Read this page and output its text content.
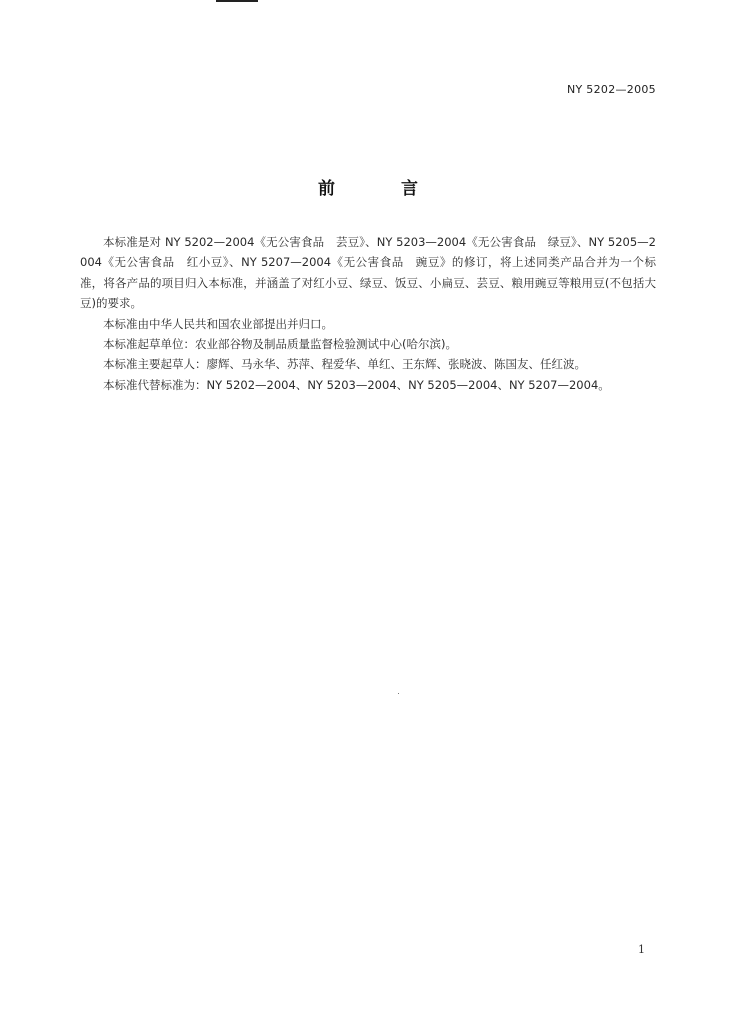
NY 5202—2005
前 言

本标准是对 NY 5202—2004《无公害食品　芸豆》、NY 5203—2004《无公害食品　绿豆》、NY 5205—2004《无公害食品　红小豆》、NY 5207—2004《无公害食品　豌豆》的修订，将上述同类产品合并为一个标准，将各产品的项目归入本标准，并涵盖了对红小豆、绿豆、饭豆、小扁豆、芸豆、粮用豌豆等粮用豆(不包括大豆)的要求。

本标准由中华人民共和国农业部提出并归口。

本标准起草单位：农业部谷物及制品质量监督检验测试中心(哈尔滨)。

本标准主要起草人：廖辉、马永华、苏萍、程爱华、单红、王东辉、张晓波、陈国友、任红波。

本标准代替标准为：NY 5202—2004、NY 5203—2004、NY 5205—2004、NY 5207—2004。

1
